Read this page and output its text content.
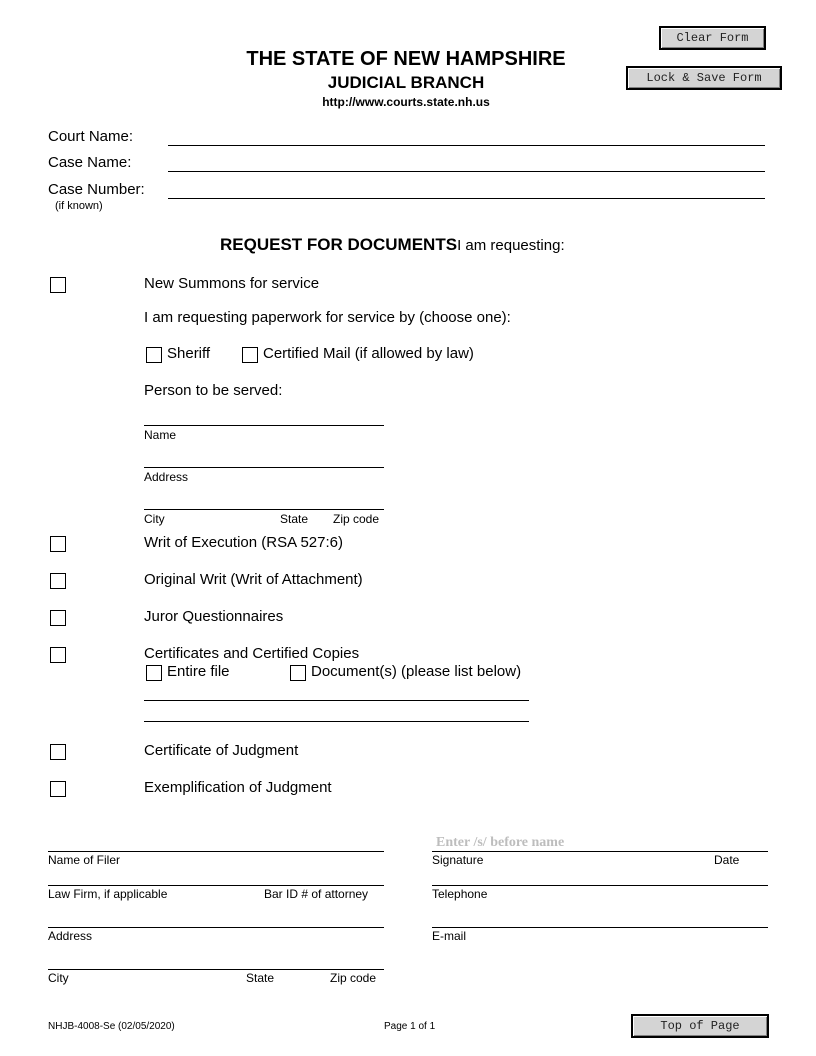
Clear Form
Lock & Save Form
THE STATE OF NEW HAMPSHIRE
JUDICIAL BRANCH
http://www.courts.state.nh.us
Court Name:
Case Name:
Case Number:
(if known)
REQUEST FOR DOCUMENTSI am requesting:
New Summons for service
I am requesting paperwork for service by (choose one):
Sheriff	Certified Mail (if allowed by law)
Person to be served:
Name
Address
City	State Zip code
Writ of Execution (RSA 527:6)
Original Writ (Writ of Attachment)
Juror Questionnaires
Certificates and Certified Copies
Entire file	Document(s) (please list below)
Certificate of Judgment
Exemplification of Judgment
Enter /s/ before name
Name of Filer	Signature	Date
Law Firm, if applicable	Bar ID # of attorney	Telephone
Address	E-mail
City	State	Zip code
NHJB-4008-Se (02/05/2020)	Page 1 of 1	Top of Page
